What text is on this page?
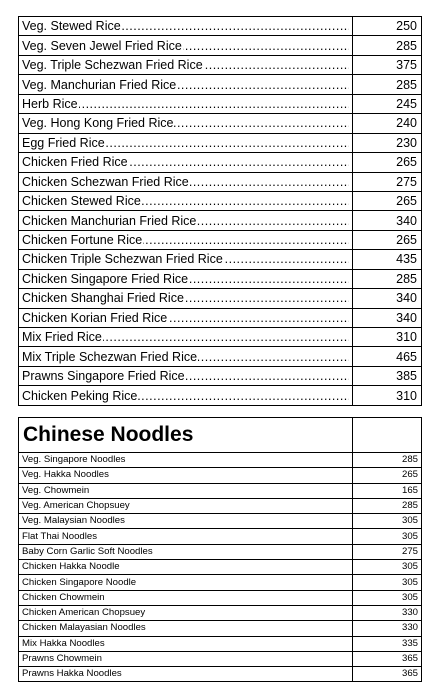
Veg. Stewed Rice .....	250

Veg. Seven Jewel Fried Rice .....	285

Veg. Triple Schezwan Fried Rice .....	375

Veg. Manchurian Fried Rice .....	285

Herb Rice .....	245

Veg. Hong Kong Fried Rice .....	240

Egg Fried Rice .....	230

Chicken Fried Rice .....	265

Chicken Schezwan Fried Rice .....	275

Chicken Stewed Rice .....	265

Chicken Manchurian Fried Rice .....	340

Chicken Fortune Rice .....	265

Chicken Triple Schezwan Fried Rice .....	435

Chicken Singapore Fried Rice .....	285

Chicken Shanghai Fried Rice .....	340

Chicken Korian Fried Rice .....	340

Mix Fried Rice .....	310

Mix Triple Schezwan Fried Rice .....	465

Prawns Singapore Fried Rice .....	385

Chicken Peking Rice .....	310
Chinese Noodles	
Veg. Singapore Noodles	285
Veg. Hakka Noodles	265
Veg. Chowmein	165
Veg. American Chopsuey	285
Veg. Malaysian Noodles	305
Flat Thai Noodles	305
Baby Corn Garlic Soft Noodles	275
Chicken Hakka Noodle	305
Chicken Singapore Noodle	305
Chicken Chowmein	305
Chicken American Chopsuey	330
Chicken Malayasian Noodles	330
Mix Hakka Noodles	335
Prawns Chowmein	365
Prawns Hakka Noodles	365
